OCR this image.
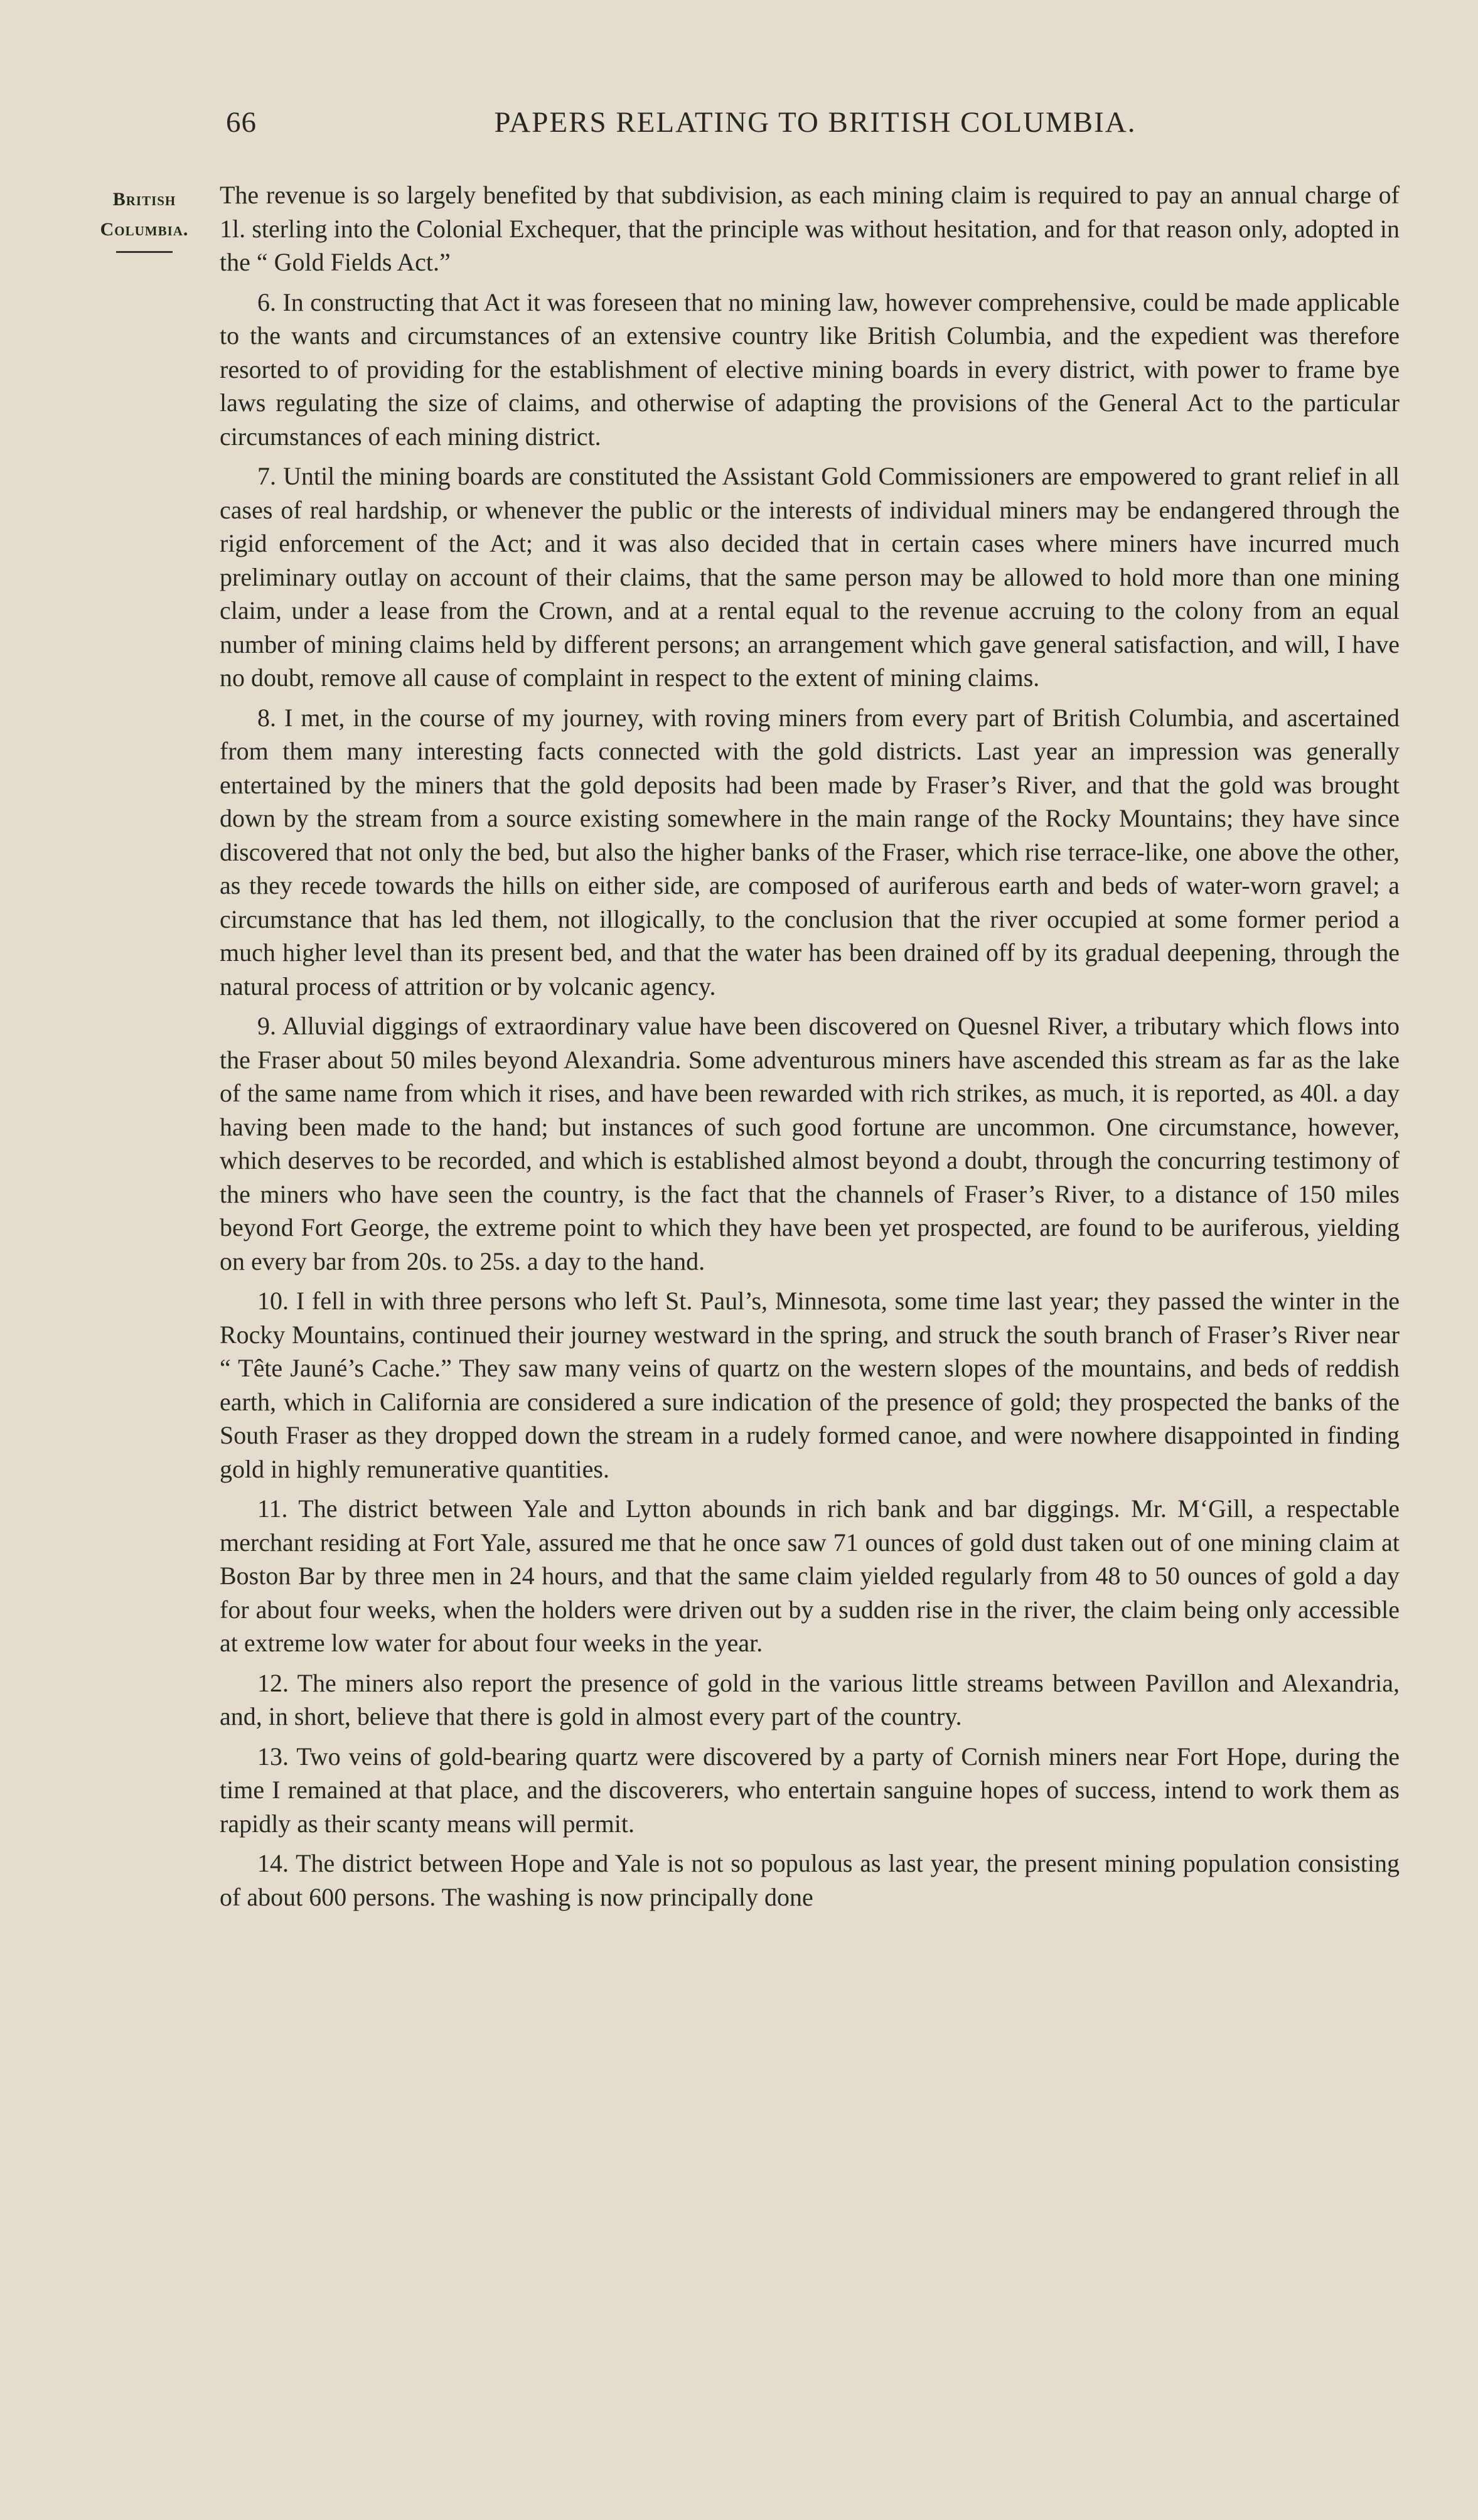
66	PAPERS RELATING TO BRITISH COLUMBIA.
British
Columbia.

The revenue is so largely benefited by that subdivision, as each mining claim is required to pay an annual charge of 1l. sterling into the Colonial Exchequer, that the principle was without hesitation, and for that reason only, adopted in the “ Gold Fields Act.”

6. In constructing that Act it was foreseen that no mining law, however comprehensive, could be made applicable to the wants and circumstances of an extensive country like British Columbia, and the expedient was therefore resorted to of providing for the establishment of elective mining boards in every district, with power to frame bye laws regulating the size of claims, and otherwise of adapting the provisions of the General Act to the particular circumstances of each mining district.

7. Until the mining boards are constituted the Assistant Gold Commissioners are empowered to grant relief in all cases of real hardship, or whenever the public or the interests of individual miners may be endangered through the rigid enforcement of the Act; and it was also decided that in certain cases where miners have incurred much preliminary outlay on account of their claims, that the same person may be allowed to hold more than one mining claim, under a lease from the Crown, and at a rental equal to the revenue accruing to the colony from an equal number of mining claims held by different persons; an arrangement which gave general satisfaction, and will, I have no doubt, remove all cause of complaint in respect to the extent of mining claims.

8. I met, in the course of my journey, with roving miners from every part of British Columbia, and ascertained from them many interesting facts connected with the gold districts. Last year an impression was generally entertained by the miners that the gold deposits had been made by Fraser’s River, and that the gold was brought down by the stream from a source existing somewhere in the main range of the Rocky Mountains; they have since discovered that not only the bed, but also the higher banks of the Fraser, which rise terrace-like, one above the other, as they recede towards the hills on either side, are composed of auriferous earth and beds of water-worn gravel; a circumstance that has led them, not illogically, to the conclusion that the river occupied at some former period a much higher level than its present bed, and that the water has been drained off by its gradual deepening, through the natural process of attrition or by volcanic agency.

9. Alluvial diggings of extraordinary value have been discovered on Quesnel River, a tributary which flows into the Fraser about 50 miles beyond Alexandria. Some adventurous miners have ascended this stream as far as the lake of the same name from which it rises, and have been rewarded with rich strikes, as much, it is reported, as 40l. a day having been made to the hand; but instances of such good fortune are uncommon. One circumstance, however, which deserves to be recorded, and which is established almost beyond a doubt, through the concurring testimony of the miners who have seen the country, is the fact that the channels of Fraser’s River, to a distance of 150 miles beyond Fort George, the extreme point to which they have been yet prospected, are found to be auriferous, yielding on every bar from 20s. to 25s. a day to the hand.

10. I fell in with three persons who left St. Paul’s, Minnesota, some time last year; they passed the winter in the Rocky Mountains, continued their journey westward in the spring, and struck the south branch of Fraser’s River near “ Tête Jauné’s Cache.” They saw many veins of quartz on the western slopes of the mountains, and beds of reddish earth, which in California are considered a sure indication of the presence of gold; they prospected the banks of the South Fraser as they dropped down the stream in a rudely formed canoe, and were nowhere disappointed in finding gold in highly remunerative quantities.

11. The district between Yale and Lytton abounds in rich bank and bar diggings. Mr. M‘Gill, a respectable merchant residing at Fort Yale, assured me that he once saw 71 ounces of gold dust taken out of one mining claim at Boston Bar by three men in 24 hours, and that the same claim yielded regularly from 48 to 50 ounces of gold a day for about four weeks, when the holders were driven out by a sudden rise in the river, the claim being only accessible at extreme low water for about four weeks in the year.

12. The miners also report the presence of gold in the various little streams between Pavillon and Alexandria, and, in short, believe that there is gold in almost every part of the country.

13. Two veins of gold-bearing quartz were discovered by a party of Cornish miners near Fort Hope, during the time I remained at that place, and the discoverers, who entertain sanguine hopes of success, intend to work them as rapidly as their scanty means will permit.

14. The district between Hope and Yale is not so populous as last year, the present mining population consisting of about 600 persons. The washing is now principally done
